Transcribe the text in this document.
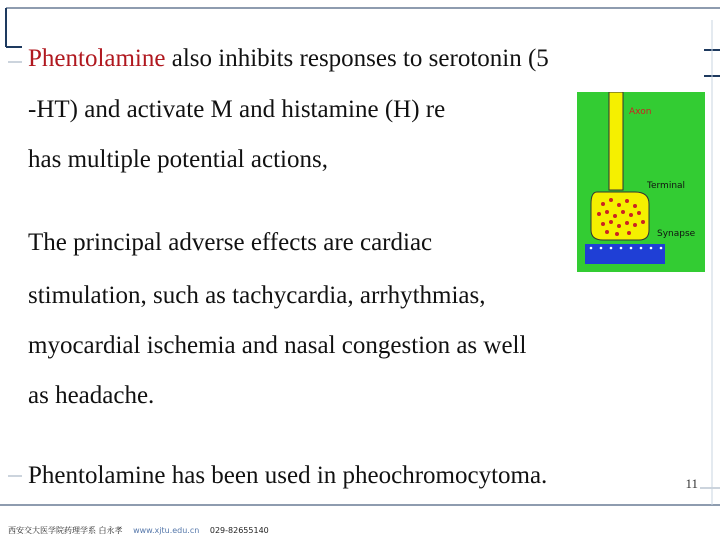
Phentolamine also inhibits responses to serotonin (5
-HT) and activate M and histamine (H) re
has multiple potential actions,
The principal adverse effects are cardiac
stimulation, such as tachycardia, arrhythmias,
myocardial ischemia and nasal congestion as well
as headache.
Phentolamine has been used in pheochromocytoma.
Axon
Terminal
Synapse
11
西安交大医学院药理学系 白永孝 www.xjtu.edu.cn 029-82655140
